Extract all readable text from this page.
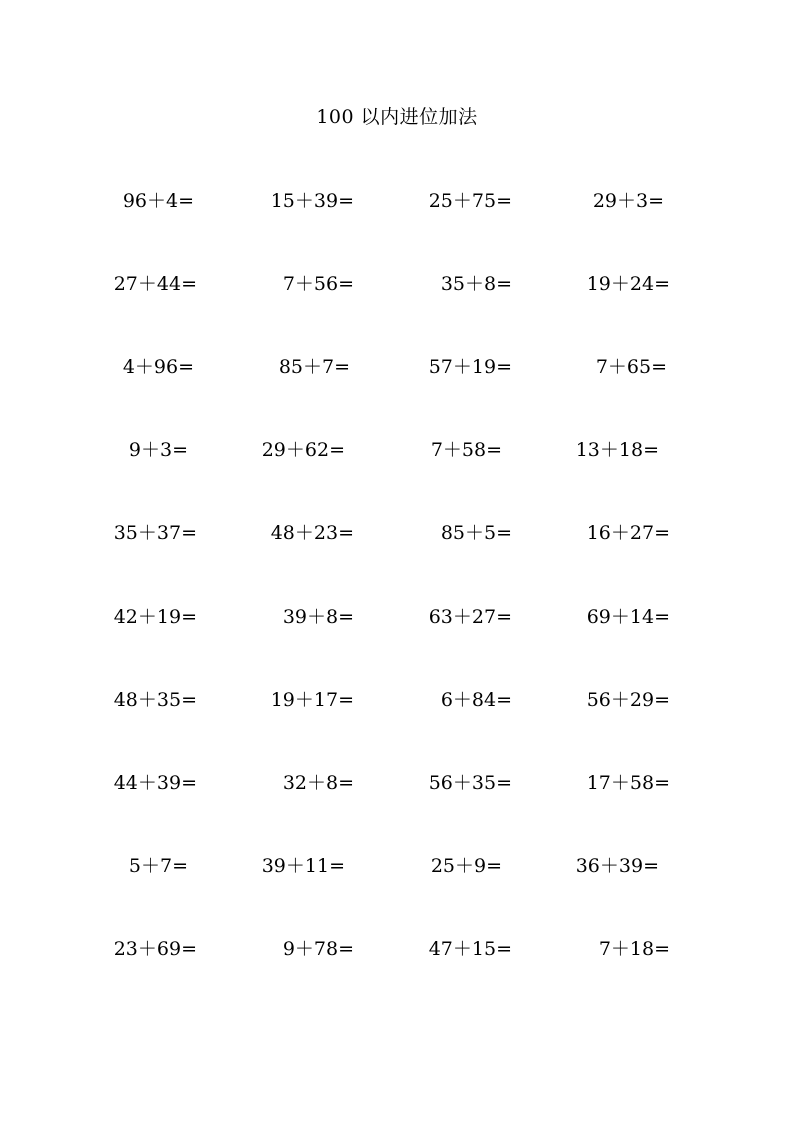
100 以内进位加法
96＋4=	15＋39=	25＋75=	29＋3=
27＋44=	7＋56=	35＋8=	19＋24=
4＋96=	85＋7=	57＋19=	7＋65=
9＋3=	29＋62=	7＋58=	13＋18=
35＋37=	48＋23=	85＋5=	16＋27=
42＋19=	39＋8=	63＋27=	69＋14=
48＋35=	19＋17=	6＋84=	56＋29=
44＋39=	32＋8=	56＋35=	17＋58=
5＋7=	39＋11=	25＋9=	36＋39=
23＋69=	9＋78=	47＋15=	7＋18=
